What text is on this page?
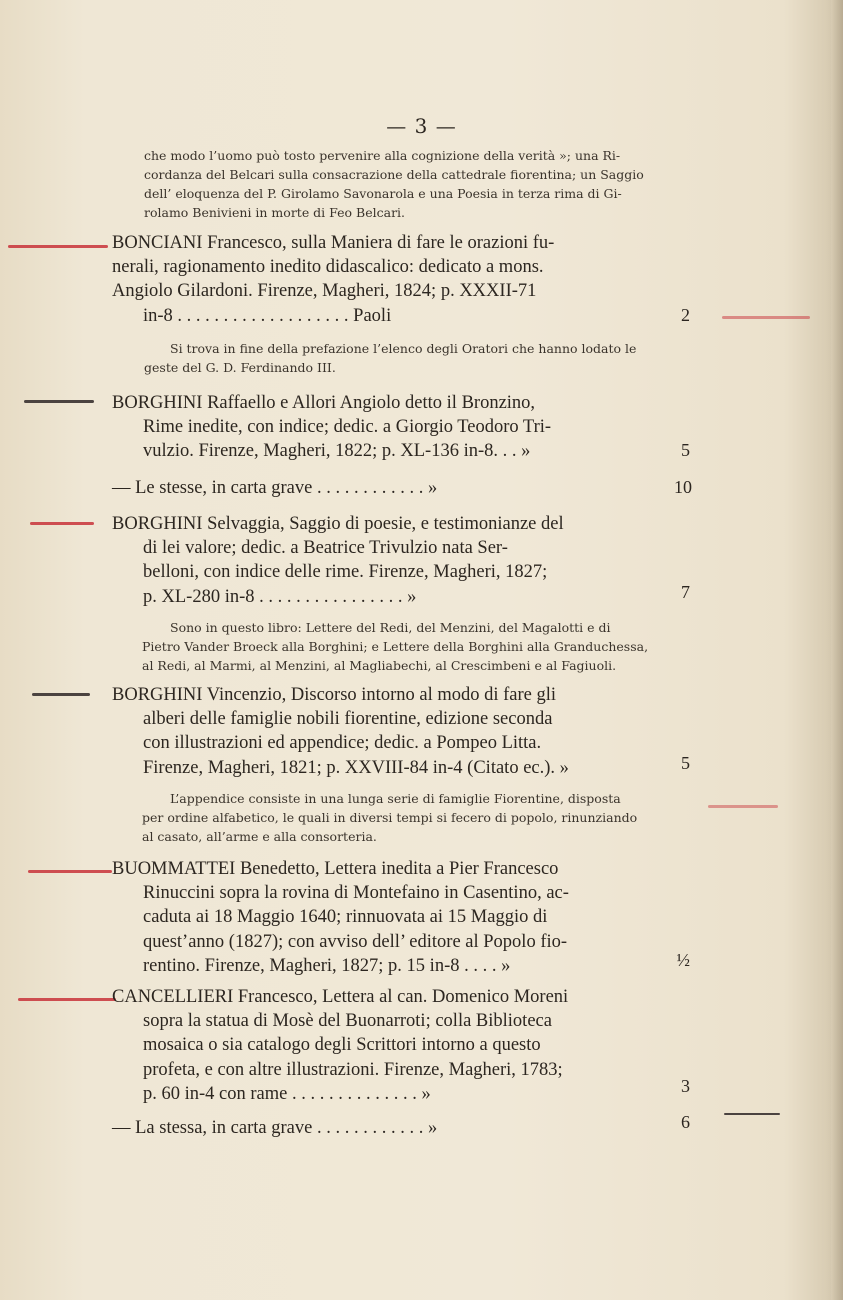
— 3 —
che modo l’uomo può tosto pervenire alla cognizione della verità »; una Ri-
cordanza del Belcari sulla consacrazione della cattedrale fiorentina; un Saggio
dell’ eloquenza del P. Girolamo Savonarola e una Poesia in terza rima di Gi-
rolamo Benivieni in morte di Feo Belcari.
BONCIANI Francesco, sulla Maniera di fare le orazioni fu-
nerali, ragionamento inedito didascalico: dedicato a mons.
Angiolo Gilardoni. Firenze, Magheri, 1824; p. XXXII-71
in-8 . . . . . . . . . . . . . . . . . . . Paoli	2
Si trova in fine della prefazione l’elenco degli Oratori che hanno lodato le
geste del G. D. Ferdinando III.
BORGHINI Raffaello e Allori Angiolo detto il Bronzino,
Rime inedite, con indice; dedic. a Giorgio Teodoro Tri-
vulzio. Firenze, Magheri, 1822; p. XL-136 in-8. . . »	5
— Le stesse, in carta grave . . . . . . . . . . . . »	10
BORGHINI Selvaggia, Saggio di poesie, e testimonianze del
di lei valore; dedic. a Beatrice Trivulzio nata Ser-
belloni, con indice delle rime. Firenze, Magheri, 1827;
p. XL-280 in-8 . . . . . . . . . . . . . . . . »	7
Sono in questo libro: Lettere del Redi, del Menzini, del Magalotti e di
Pietro Vander Broeck alla Borghini; e Lettere della Borghini alla Granduchessa,
al Redi, al Marmi, al Menzini, al Magliabechi, al Crescimbeni e al Fagiuoli.
BORGHINI Vincenzio, Discorso intorno al modo di fare gli
alberi delle famiglie nobili fiorentine, edizione seconda
con illustrazioni ed appendice; dedic. a Pompeo Litta.
Firenze, Magheri, 1821; p. XXVIII-84 in-4 (Citato ec.). »	5
L’appendice consiste in una lunga serie di famiglie Fiorentine, disposta
per ordine alfabetico, le quali in diversi tempi si fecero di popolo, rinunziando
al casato, all’arme e alla consorteria.
BUOMMATTEI Benedetto, Lettera inedita a Pier Francesco
Rinuccini sopra la rovina di Montefaino in Casentino, ac-
caduta ai 18 Maggio 1640; rinnuovata ai 15 Maggio di
quest’anno (1827); con avviso dell’ editore al Popolo fio-
rentino. Firenze, Magheri, 1827; p. 15 in-8 . . . . »	½
CANCELLIERI Francesco, Lettera al can. Domenico Moreni
sopra la statua di Mosè del Buonarroti; colla Biblioteca
mosaica o sia catalogo degli Scrittori intorno a questo
profeta, e con altre illustrazioni. Firenze, Magheri, 1783;
p. 60 in-4 con rame . . . . . . . . . . . . . . »	3
— La stessa, in carta grave . . . . . . . . . . . . »	6
